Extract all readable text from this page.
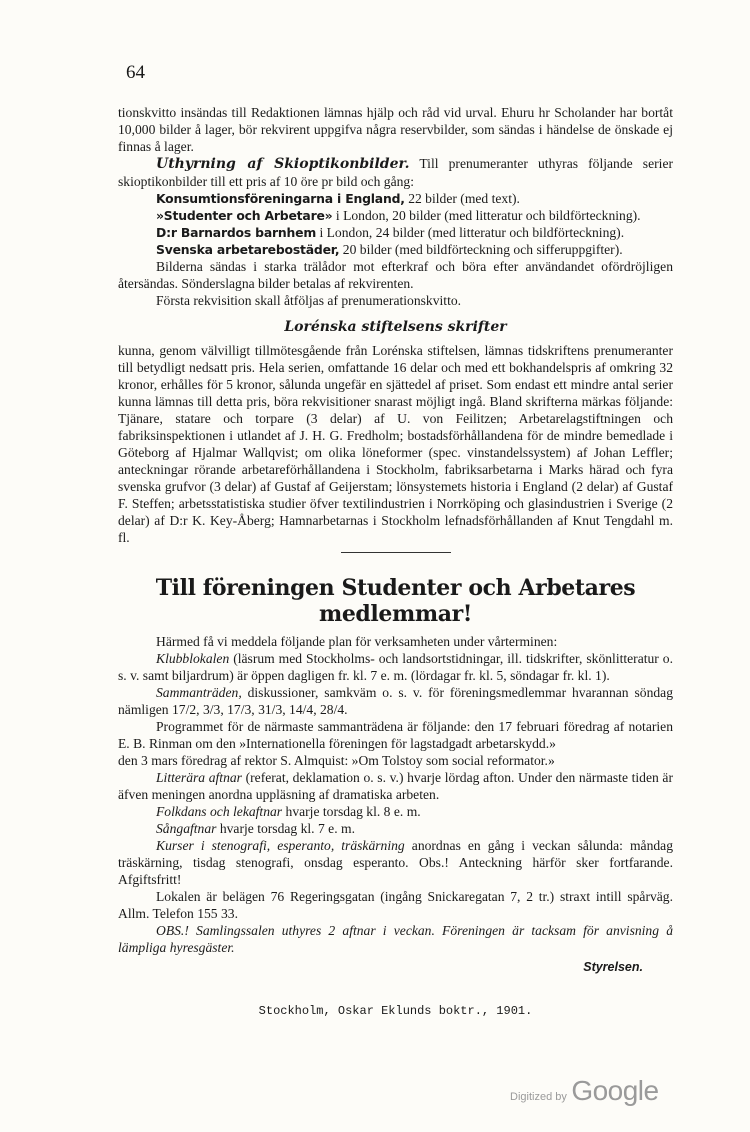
64

tionskvitto insändas till Redaktionen lämnas hjälp och råd vid urval. Ehuru hr Scholander har bortåt 10,000 bilder å lager, bör rekvirent uppgifva några reservbilder, som sändas i händelse de önskade ej finnas å lager.

Uthyrning af Skioptikonbilder. Till prenumeranter uthyras följande serier skioptikonbilder till ett pris af 10 öre pr bild och gång:

Konsumtionsföreningarna i England, 22 bilder (med text).

»Studenter och Arbetare» i London, 20 bilder (med litteratur och bildförteckning).

D:r Barnardos barnhem i London, 24 bilder (med litteratur och bildförteckning).

Svenska arbetarebostäder, 20 bilder (med bildförteckning och sifferuppgifter).

Bilderna sändas i starka trälådor mot efterkraf och böra efter användandet ofördröjligen återsändas. Sönderslagna bilder betalas af rekvirenten.

Första rekvisition skall åtföljas af prenumerationskvitto.

Lorénska stiftelsens skrifter

kunna, genom välvilligt tillmötesgående från Lorénska stiftelsen, lämnas tidskriftens prenumeranter till betydligt nedsatt pris. Hela serien, omfattande 16 delar och med ett bokhandelspris af omkring 32 kronor, erhålles för 5 kronor, sålunda ungefär en sjättedel af priset. Som endast ett mindre antal serier kunna lämnas till detta pris, böra rekvisitioner snarast möjligt ingå. Bland skrifterna märkas följande: Tjänare, statare och torpare (3 delar) af U. von Feilitzen; Arbetarelagstiftningen och fabriksinspektionen i utlandet af J. H. G. Fredholm; bostadsförhållandena för de mindre bemedlade i Göteborg af Hjalmar Wallqvist; om olika löneformer (spec. vinstandelssystem) af Johan Leffler; anteckningar rörande arbetareförhållandena i Stockholm, fabriksarbetarna i Marks härad och fyra svenska grufvor (3 delar) af Gustaf af Geijerstam; lönsystemets historia i England (2 delar) af Gustaf F. Steffen; arbetsstatistiska studier öfver textilindustrien i Norrköping och glasindustrien i Sverige (2 delar) af D:r K. Key-Åberg; Hamnarbetarnas i Stockholm lefnadsförhållanden af Knut Tengdahl m. fl.

Till föreningen Studenter och Arbetares medlemmar!

Härmed få vi meddela följande plan för verksamheten under vårterminen:

Klubblokalen (läsrum med Stockholms- och landsortstidningar, ill. tidskrifter, skönlitteratur o. s. v. samt biljardrum) är öppen dagligen fr. kl. 7 e. m. (lördagar fr. kl. 5, söndagar fr. kl. 1).

Sammanträden, diskussioner, samkväm o. s. v. för föreningsmedlemmar hvarannan söndag nämligen 17/2, 3/3, 17/3, 31/3, 14/4, 28/4.

Programmet för de närmaste sammanträdena är följande: den 17 februari föredrag af notarien E. B. Rinman om den »Internationella föreningen för lagstadgadt arbetarskydd.»

den 3 mars föredrag af rektor S. Almquist: »Om Tolstoy som social reformator.»

Litterära aftnar (referat, deklamation o. s. v.) hvarje lördag afton. Under den närmaste tiden är äfven meningen anordna uppläsning af dramatiska arbeten.

Folkdans och lekaftnar hvarje torsdag kl. 8 e. m.

Sångaftnar hvarje torsdag kl. 7 e. m.

Kurser i stenografi, esperanto, träskärning anordnas en gång i veckan sålunda: måndag träskärning, tisdag stenografi, onsdag esperanto. Obs.! Anteckning härför sker fortfarande. Afgiftsfritt!

Lokalen är belägen 76 Regeringsgatan (ingång Snickaregatan 7, 2 tr.) straxt intill spårväg. Allm. Telefon 155 33.

OBS.! Samlingssalen uthyres 2 aftnar i veckan. Föreningen är tacksam för anvisning å lämpliga hyresgäster.

Styrelsen.
Stockholm, Oskar Eklunds boktr., 1901.
Digitized by Google
